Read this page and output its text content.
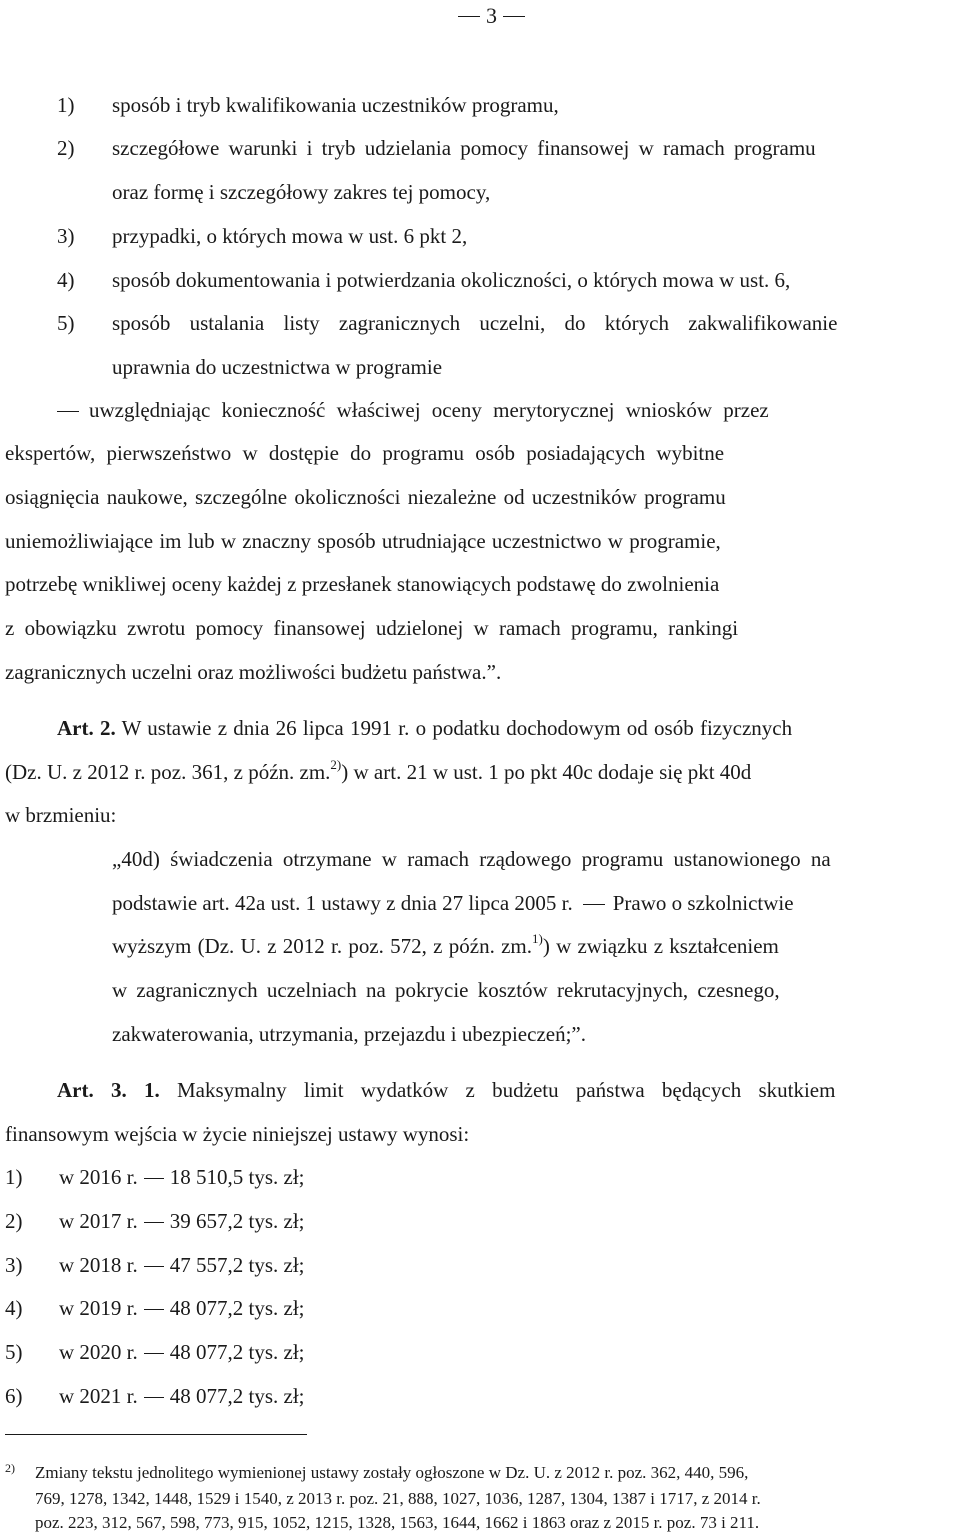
3
1) sposób i tryb kwalifikowania uczestników programu,
2) szczegółowe warunki i tryb udzielania pomocy finansowej w ramach programu
oraz formę i szczegółowy zakres tej pomocy,
3) przypadki, o których mowa w ust. 6 pkt 2,
4) sposób dokumentowania i potwierdzania okoliczności, o których mowa w ust. 6,
5) sposób ustalania listy zagranicznych uczelni, do których zakwalifikowanie
uprawnia do uczestnictwa w programie
uwzględniając konieczność właściwej oceny merytorycznej wniosków przez
ekspertów, pierwszeństwo w dostępie do programu osób posiadających wybitne
osiągnięcia naukowe, szczególne okoliczności niezależne od uczestników programu
uniemożliwiające im lub w znaczny sposób utrudniające uczestnictwo w programie,
potrzebę wnikliwej oceny każdej z przesłanek stanowiących podstawę do zwolnienia
z obowiązku zwrotu pomocy finansowej udzielonej w ramach programu, rankingi
zagranicznych uczelni oraz możliwości budżetu państwa.”.
Art. 2. W ustawie z dnia 26 lipca 1991 r. o podatku dochodowym od osób fizycznych
(Dz. U. z 2012 r. poz. 361, z późn. zm.$^{2)}$) w art. 21 w ust. 1 po pkt 40c dodaje się pkt 40d
w brzmieniu:
„40d) świadczenia otrzymane w ramach rządowego programu ustanowionego na
podstawie art. 42a ust. 1 ustawy z dnia 27 lipca 2005 r. Prawo o szkolnictwie
wyższym (Dz. U. z 2012 r. poz. 572, z późn. zm.$^{1)}$) w związku z kształceniem
w zagranicznych uczelniach na pokrycie kosztów rekrutacyjnych, czesnego,
zakwaterowania, utrzymania, przejazdu i ubezpieczeń;”.
Art. 3. 1. Maksymalny limit wydatków z budżetu państwa będących skutkiem
finansowym wejścia w życie niniejszej ustawy wynosi:
1) w 2016 r. 18 510,5 tys. zł;
2) w 2017 r. 39 657,2 tys. zł;
3) w 2018 r. 47 557,2 tys. zł;
4) w 2019 r. 48 077,2 tys. zł;
5) w 2020 r. 48 077,2 tys. zł;
6) w 2021 r. 48 077,2 tys. zł;
2) Zmiany tekstu jednolitego wymienionej ustawy zostały ogłoszone w Dz. U. z 2012 r. poz. 362, 440, 596,
769, 1278, 1342, 1448, 1529 i 1540, z 2013 r. poz. 21, 888, 1027, 1036, 1287, 1304, 1387 i 1717, z 2014 r.
poz. 223, 312, 567, 598, 773, 915, 1052, 1215, 1328, 1563, 1644, 1662 i 1863 oraz z 2015 r. poz. 73 i 211.
